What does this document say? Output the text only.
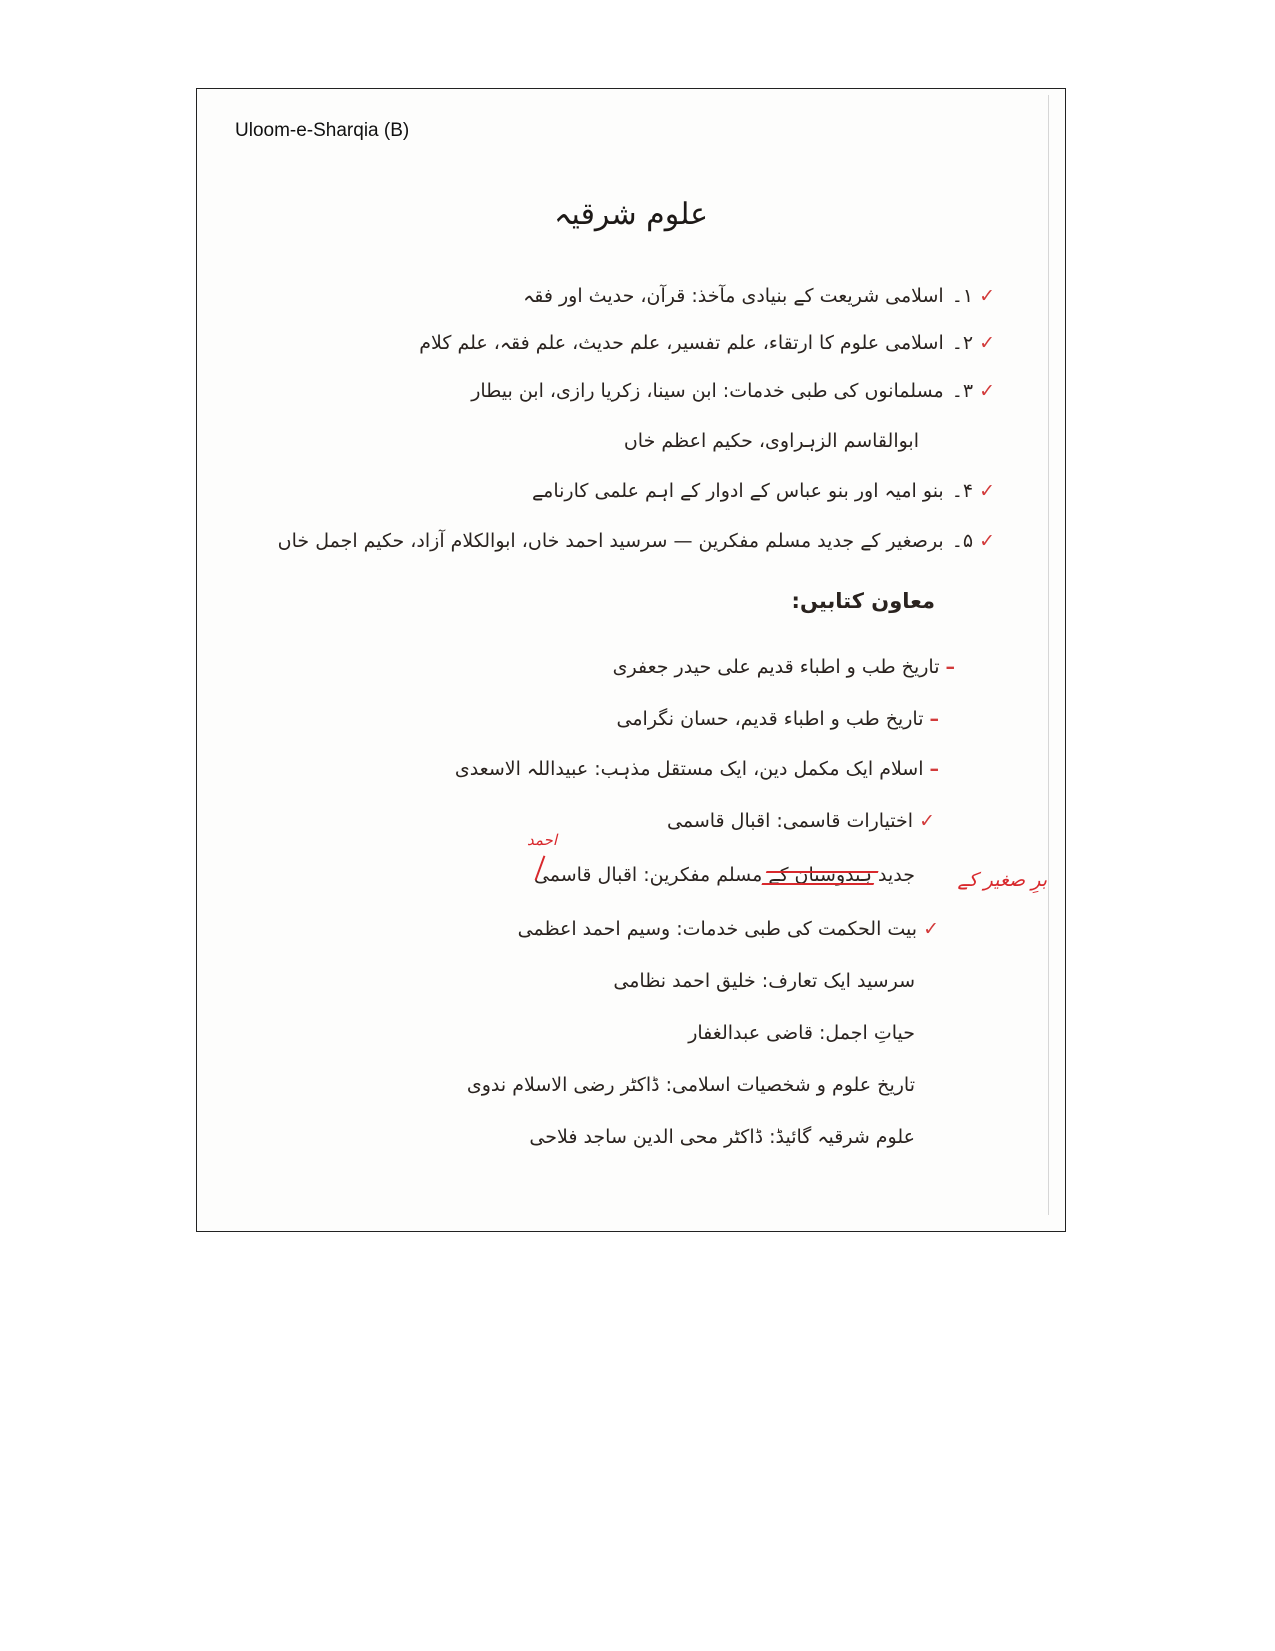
Uloom-e-Sharqia (B)
علوم شرقیہ
✓۱۔اسلامی شریعت کے بنیادی مآخذ: قرآن، حدیث اور فقہ
✓۲۔اسلامی علوم کا ارتقاء، علم تفسیر، علم حدیث، علم فقہ، علم کلام
✓۳۔مسلمانوں کی طبی خدمات: ابن سینا، زکریا رازی، ابن بیطار
ابوالقاسم الزہراوی، حکیم اعظم خاں
✓۴۔بنو امیہ اور بنو عباس کے ادوار کے اہم علمی کارنامے
✓۵۔برصغیر کے جدید مسلم مفکرین — سرسید احمد خاں، ابوالکلام آزاد، حکیم اجمل خاں
معاون کتابیں:
–تاریخ طب و اطباء قدیم علی حیدر جعفری
–تاریخ طب و اطباء قدیم، حسان نگرامی
–اسلام ایک مکمل دین، ایک مستقل مذہب: عبیداللہ الاسعدی
✓اختیارات قاسمی: اقبال قاسمی
جدید ہندوستان کے
مسلم مفکرین: اقبال قاسمی
احمد
برِ صغیر کے
✓بیت الحکمت کی طبی خدمات: وسیم احمد اعظمی
سرسید ایک تعارف: خلیق احمد نظامی
حیاتِ اجمل: قاضی عبدالغفار
تاریخ علوم و شخصیات اسلامی: ڈاکٹر رضی الاسلام ندوی
علوم شرقیہ گائیڈ: ڈاکٹر محی الدین ساجد فلاحی
